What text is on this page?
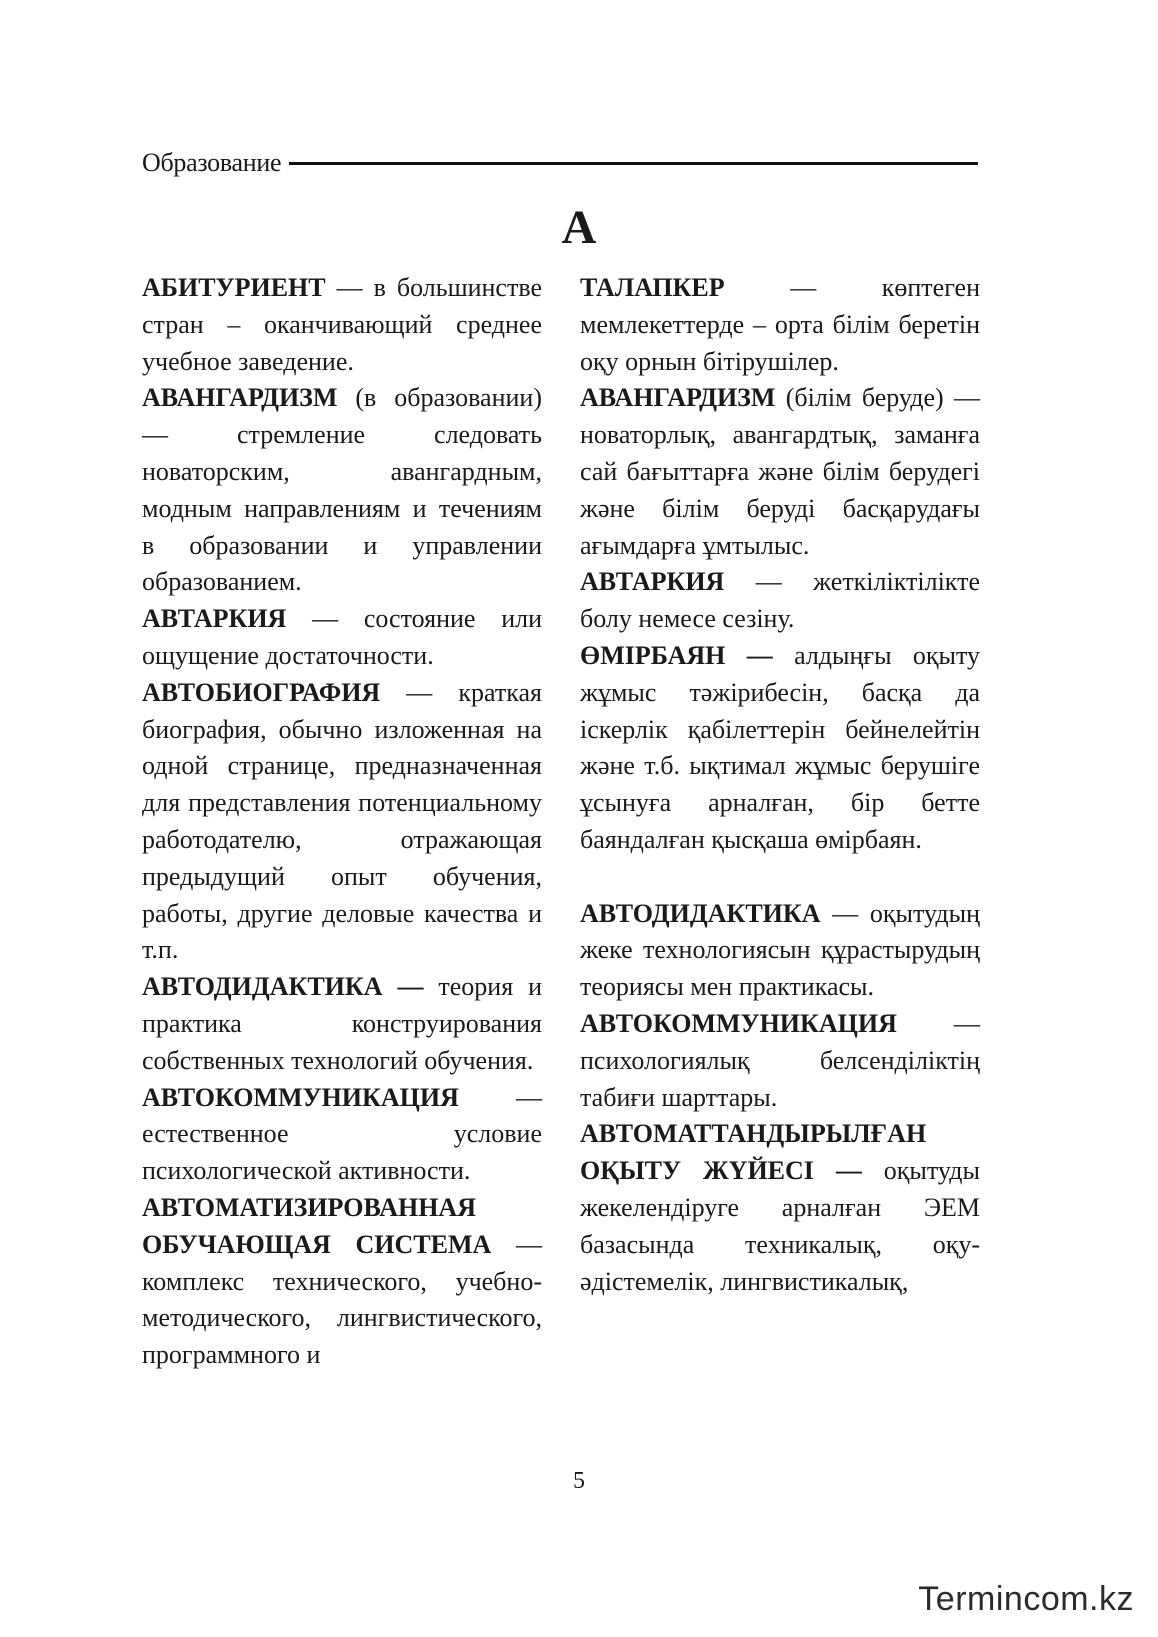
Образование
А

АБИТУРИЕНТ — в большинстве стран – оканчивающий среднее учебное заведение.

АВАНГАРДИЗМ (в образовании) — стремление следовать новаторским, авангардным, модным направлениям и течениям в образовании и управлении образованием.

АВТАРКИЯ — состояние или ощущение достаточности.

АВТОБИОГРАФИЯ — краткая биография, обычно изложенная на одной странице, предназначенная для представления потенциальному работодателю, отражающая предыдущий опыт обучения, работы, другие деловые качества и т.п.

АВТОДИДАКТИКА — теория и практика конструирования собственных технологий обучения.

АВТОКОММУНИКАЦИЯ — естественное условие психологической активности.

АВТОМАТИЗИРОВАННАЯ ОБУЧАЮЩАЯ СИСТЕМА — комплекс технического, учебно-методического, лингвистического, программного и

ТАЛАПКЕР — көптеген мемлекеттерде – орта білім беретін оқу орнын бітірушілер.

АВАНГАРДИЗМ (білім беруде) — новаторлық, авангардтық, заманға сай бағыттарға және білім берудегі және білім беруді басқарудағы ағымдарға ұмтылыс.

АВТАРКИЯ — жеткіліктілікте болу немесе сезіну.

ӨМІРБАЯН — алдыңғы оқыту жұмыс тәжірибесін, басқа да іскерлік қабілеттерін бейнелейтін және т.б. ықтимал жұмыс берушіге ұсынуға арналған, бір бетте баяндалған қысқаша өмірбаян.

АВТОДИДАКТИКА — оқытудың жеке технологиясын құрастырудың теориясы мен практикасы.

АВТОКОММУНИКАЦИЯ — психологиялық белсенділіктің табиғи шарттары.

АВТОМАТТАНДЫРЫЛҒАН ОҚЫТУ ЖҮЙЕСІ — оқытуды жекелендіруге арналған ЭЕМ базасында техникалық, оқу-әдістемелік, лингвистикалық,

5
Termincom.kz
